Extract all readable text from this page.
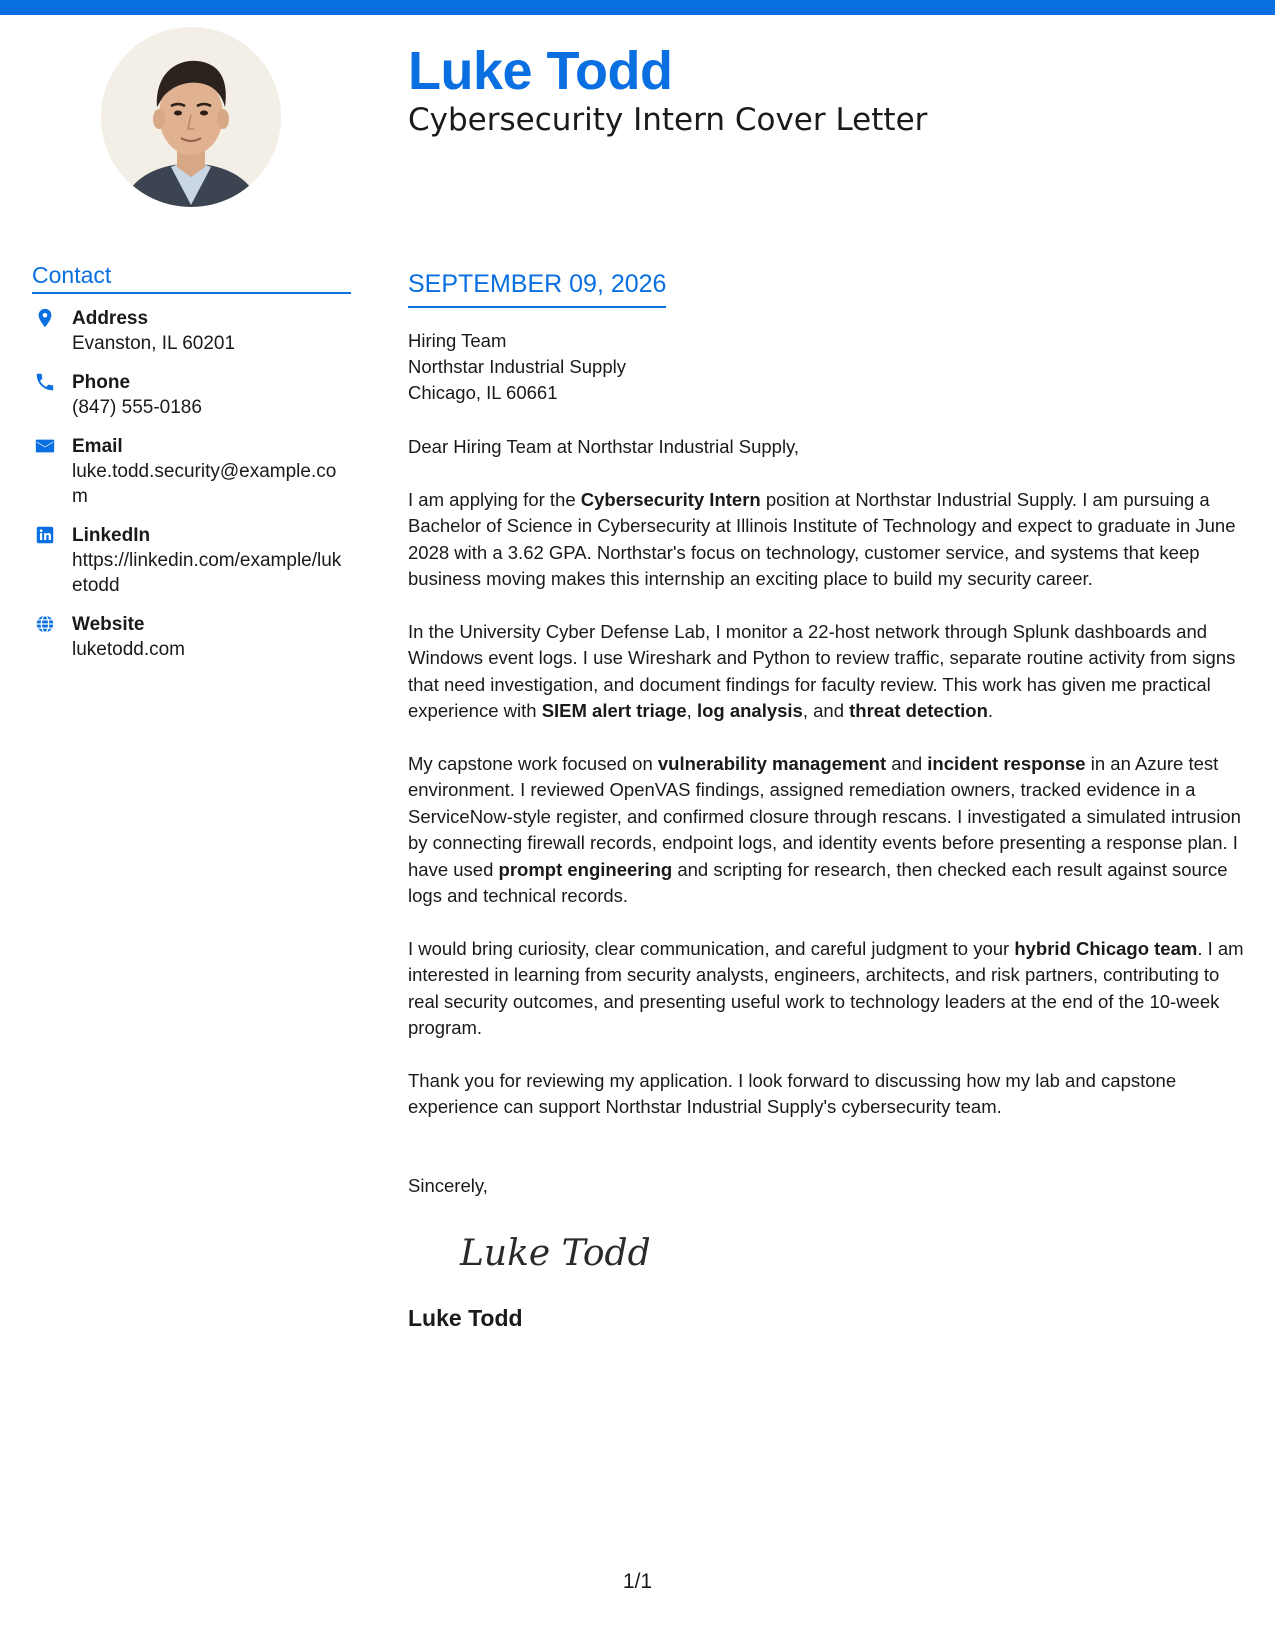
Luke Todd
Cybersecurity Intern Cover Letter
Contact
Address
Evanston, IL 60201
Phone
(847) 555-0186
Email
luke.todd.security@example.com
LinkedIn
https://linkedin.com/example/luketodd
Website
luketodd.com
SEPTEMBER 09, 2026
Hiring Team
Northstar Industrial Supply
Chicago, IL 60661
Dear Hiring Team at Northstar Industrial Supply,
I am applying for the Cybersecurity Intern position at Northstar Industrial Supply. I am pursuing a Bachelor of Science in Cybersecurity at Illinois Institute of Technology and expect to graduate in June 2028 with a 3.62 GPA. Northstar's focus on technology, customer service, and systems that keep business moving makes this internship an exciting place to build my security career.
In the University Cyber Defense Lab, I monitor a 22-host network through Splunk dashboards and Windows event logs. I use Wireshark and Python to review traffic, separate routine activity from signs that need investigation, and document findings for faculty review. This work has given me practical experience with SIEM alert triage, log analysis, and threat detection.
My capstone work focused on vulnerability management and incident response in an Azure test environment. I reviewed OpenVAS findings, assigned remediation owners, tracked evidence in a ServiceNow-style register, and confirmed closure through rescans. I investigated a simulated intrusion by connecting firewall records, endpoint logs, and identity events before presenting a response plan. I have used prompt engineering and scripting for research, then checked each result against source logs and technical records.
I would bring curiosity, clear communication, and careful judgment to your hybrid Chicago team. I am interested in learning from security analysts, engineers, architects, and risk partners, contributing to real security outcomes, and presenting useful work to technology leaders at the end of the 10-week program.
Thank you for reviewing my application. I look forward to discussing how my lab and capstone experience can support Northstar Industrial Supply's cybersecurity team.
Sincerely,
Luke Todd
Luke Todd
1/1
